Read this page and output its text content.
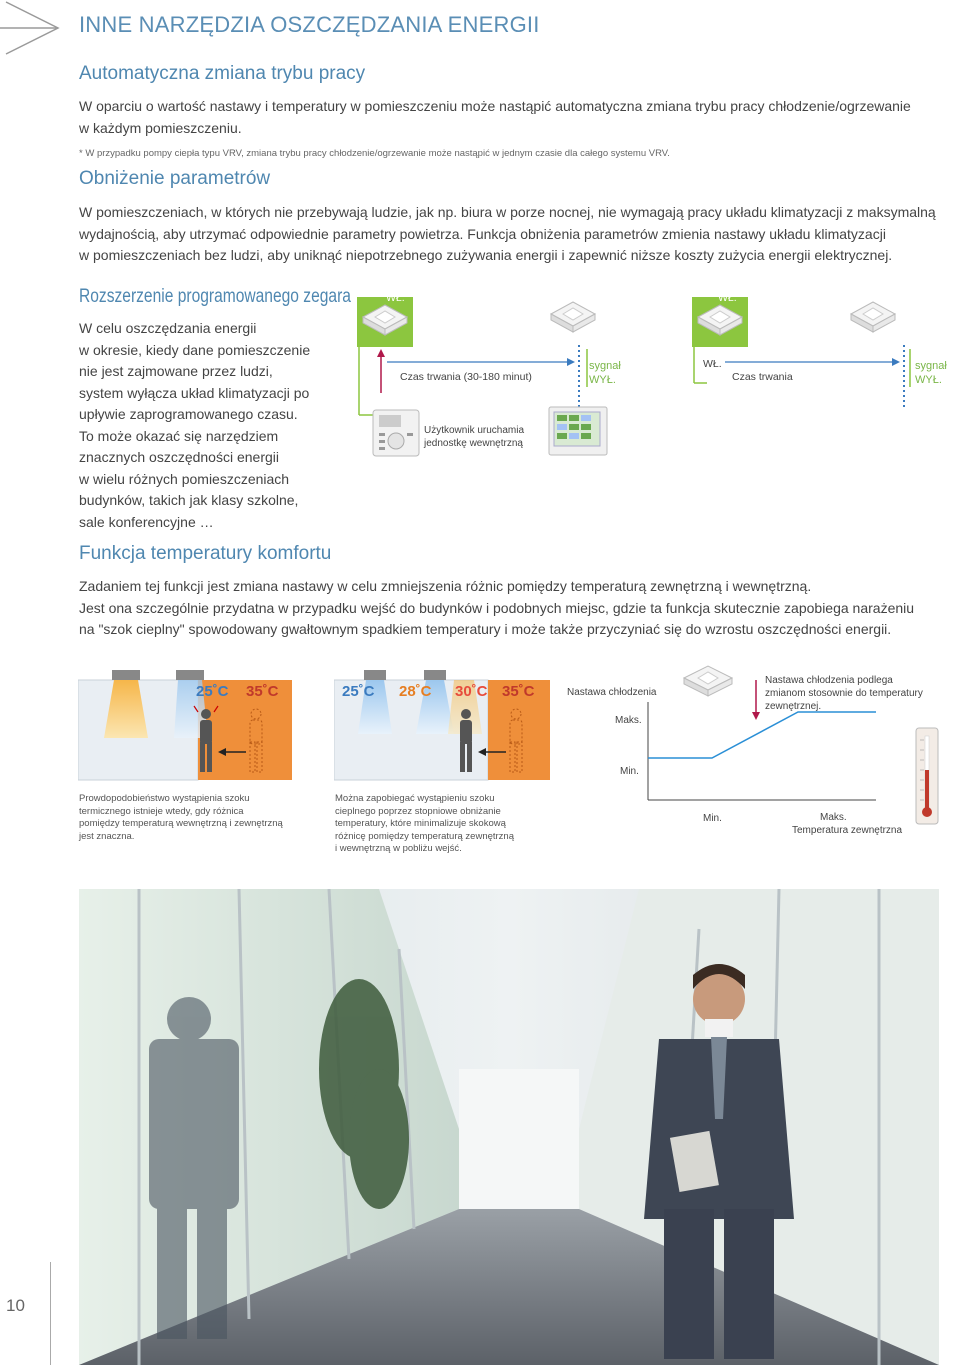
INNE NARZĘDZIA OSZCZĘDZANIA ENERGII
Automatyczna zmiana trybu pracy
W oparciu o wartość nastawy i temperatury w pomieszczeniu może nastąpić automatyczna zmiana trybu pracy chłodzenie/ogrzewanie
w każdym pomieszczeniu.
* W przypadku pompy ciepła typu VRV, zmiana trybu pracy chłodzenie/ogrzewanie może nastąpić w jednym czasie dla całego systemu VRV.
Obniżenie parametrów
W pomieszczeniach, w których nie przebywają ludzie, jak np. biura w porze nocnej, nie wymagają pracy układu klimatyzacji z maksymalną
wydajnością, aby utrzymać odpowiednie parametry powietrza. Funkcja obniżenia parametrów zmienia nastawy układu klimatyzacji
w pomieszczeniach bez ludzi, aby uniknąć niepotrzebnego zużywania energii i zapewnić niższe koszty zużycia energii elektrycznej.
Rozszerzenie programowanego zegara
W celu oszczędzania energii
w okresie, kiedy dane pomieszczenie
nie jest zajmowane przez ludzi,
system wyłącza układ klimatyzacji po
upływie zaprogramowanego czasu.
To może okazać się narzędziem
znacznych oszczędności energii
w wielu różnych pomieszczeniach
budynków, takich jak klasy szkolne,
sale konferencyjne …
WŁ.	WŁ.
WŁ.
Czas trwania (30-180 minut)	Czas trwania
sygnał
WYŁ.
sygnał
WYŁ.
Użytkownik uruchamia
jednostkę wewnętrzną
Funkcja temperatury komfortu
Zadaniem tej funkcji jest zmiana nastawy w celu zmniejszenia różnic pomiędzy temperaturą zewnętrzną i wewnętrzną.
Jest ona szczególnie przydatna w przypadku wejść do budynków i podobnych miejsc, gdzie ta funkcja skutecznie zapobiega narażeniu
na "szok cieplny" spowodowany gwałtownym spadkiem temperatury i może także przyczyniać się do wzrostu oszczędności energii.
25˚C 35˚C
Prowdopodobieństwo wystąpienia szoku
termicznego istnieje wtedy, gdy różnica
pomiędzy temperaturą wewnętrzną i zewnętrzną
jest znaczna.
25˚C 28˚C 30˚C 35˚C
Można zapobiegać wystąpieniu szoku
cieplnego poprzez stopniowe obniżanie
temperatury, które minimalizuje skokową
różnicę pomiędzy temperaturą zewnętrzną
i wewnętrzną w pobliżu wejść.
Nastawa chłodzenia
Maks.
Min.
Min.	Maks.
Temperatura zewnętrzna
Nastawa chłodzenia podlega
zmianom stosownie do temperatury
zewnętrznej.
10
